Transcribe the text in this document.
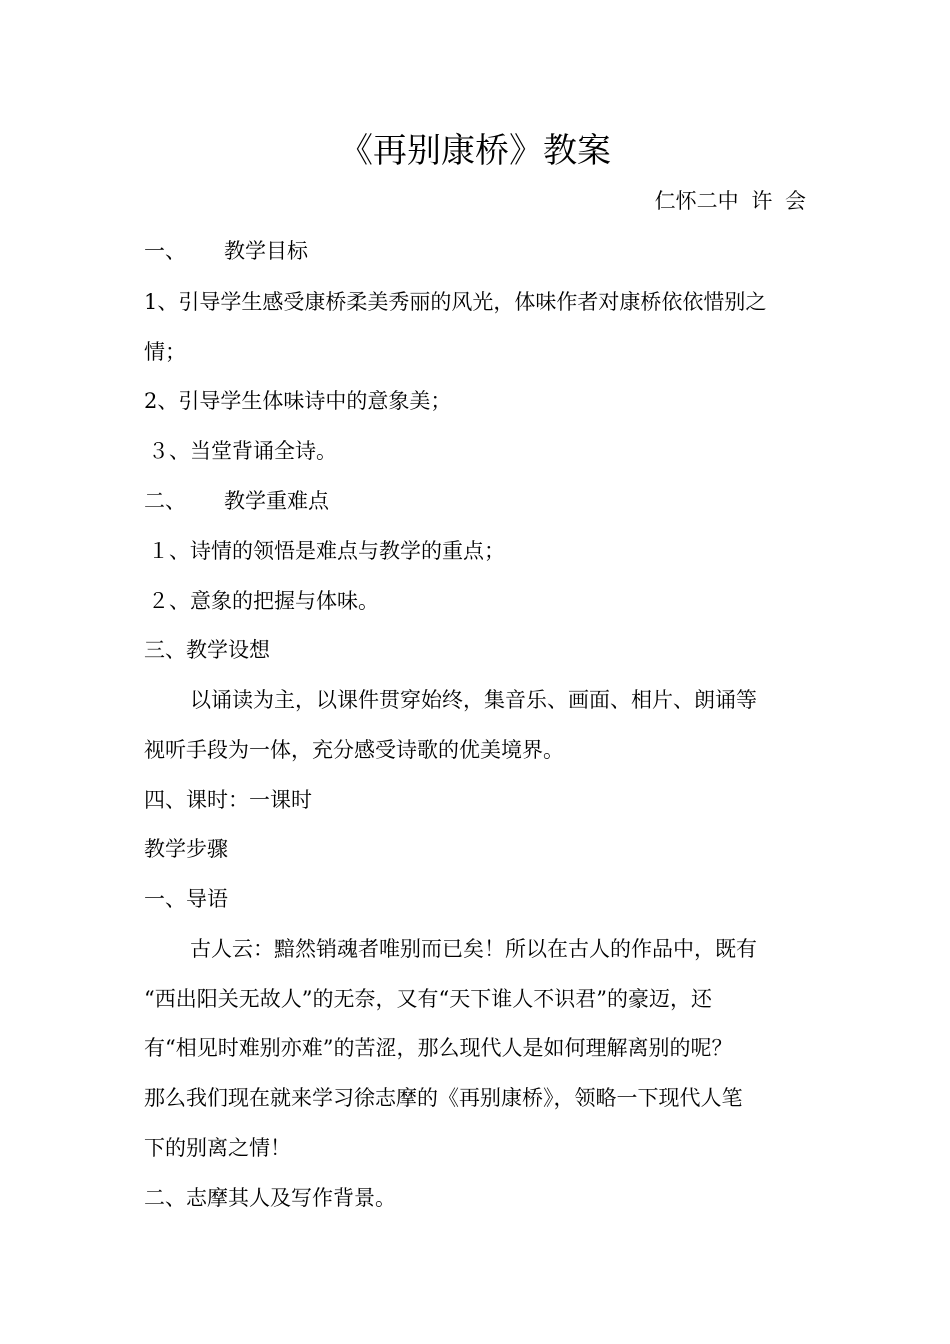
《再别康桥》教案

仁怀二中 许 会

一、 教学目标

1、引导学生感受康桥柔美秀丽的风光，体味作者对康桥依依惜别之

情；

2、引导学生体味诗中的意象美；

３、当堂背诵全诗。

二、 教学重难点

１、诗情的领悟是难点与教学的重点；

２、意象的把握与体味。

三、教学设想

以诵读为主，以课件贯穿始终，集音乐、画面、相片、朗诵等

视听手段为一体，充分感受诗歌的优美境界。

四、课时：一课时

教学步骤

一、导语

古人云：黯然销魂者唯别而已矣！所以在古人的作品中，既有

“西出阳关无故人”的无奈，又有“天下谁人不识君”的豪迈，还

有“相见时难别亦难”的苦涩，那么现代人是如何理解离别的呢？

那么我们现在就来学习徐志摩的《再别康桥》，领略一下现代人笔

下的别离之情！

二、志摩其人及写作背景。
